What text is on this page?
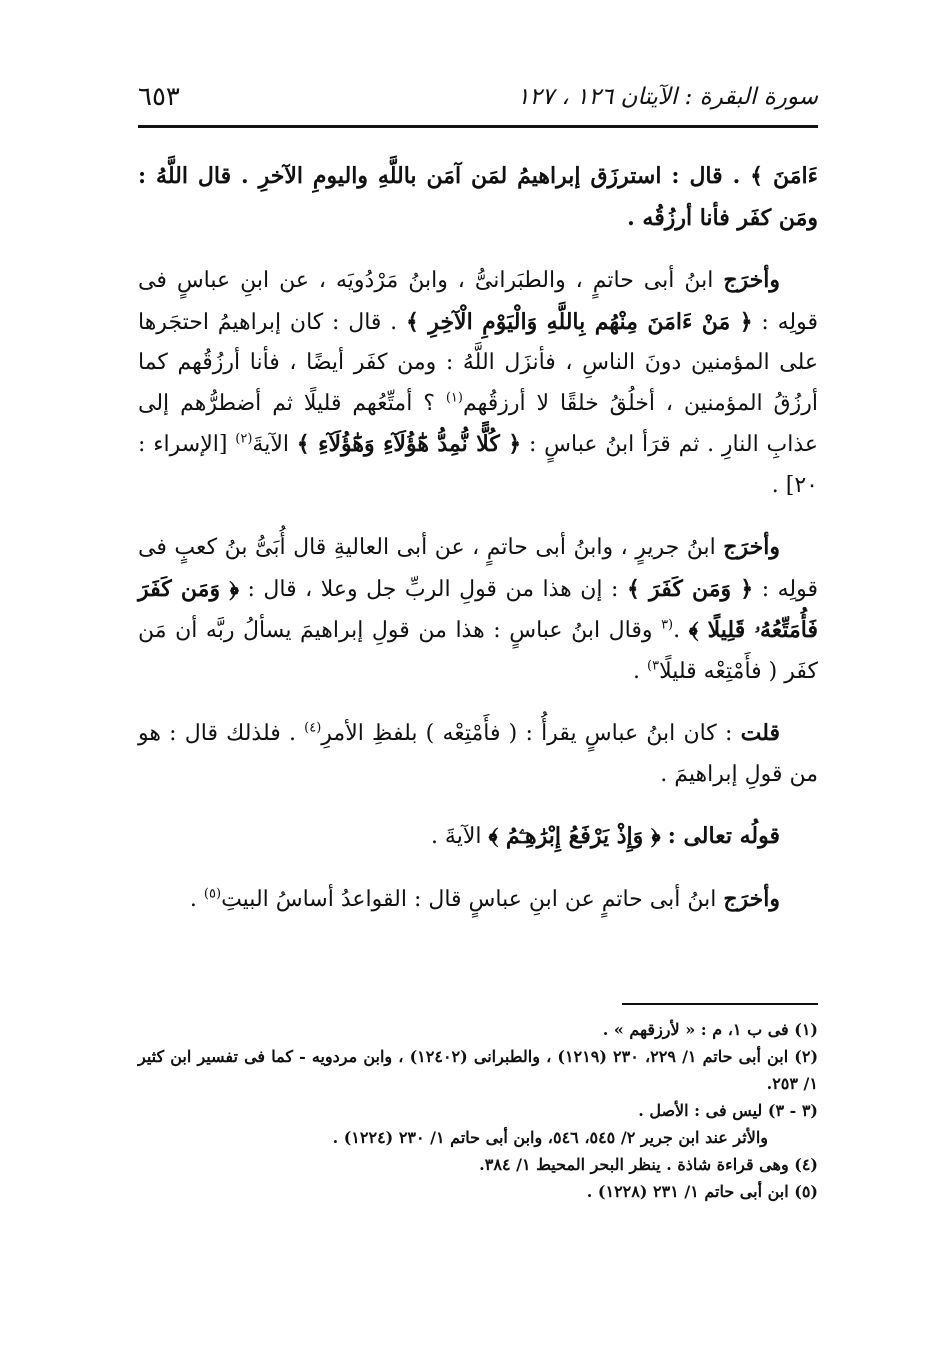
٦٥٣	سورة البقرة : الآيتان ١٢٦ ، ١٢٧

ءَامَنَ ﴾ . قال : استرزَق إبراهيمُ لمَن آمَن باللَّهِ واليومِ الآخرِ . قال اللَّهُ : ومَن كفَر فأنا أرزُقُه .

وأخرَج ابنُ أبى حاتمٍ ، والطبَرانىُّ ، وابنُ مَرْدُويَه ، عن ابنِ عباسٍ فى قولِه : ﴿ مَنْ ءَامَنَ مِنْهُم بِاللَّهِ وَالْيَوْمِ الْآخِرِ ﴾ . قال : كان إبراهيمُ احتجَرها على المؤمنين دونَ الناسِ ، فأنزَل اللَّهُ : ومن كفَر أيضًا ، فأنا أرزُقُهم كما أرزُقُ المؤمنين ، أخلُقُ خلقًا لا أرزقُهم$^{(١)}$ ؟ أمتِّعُهم قليلًا ثم أضطرُّهم إلى عذابِ النارِ . ثم قرَأ ابنُ عباسٍ : ﴿ كُلًّا نُّمِدُّ هَٰٓؤُلَآءِ وَهَٰٓؤُلَآءِ ﴾ الآيةَ$^{(٢)}$ [الإسراء : ٢٠] .

وأخرَج ابنُ جريرٍ ، وابنُ أبى حاتمٍ ، عن أبى العاليةِ قال أُبَىُّ بنُ كعبٍ فى قولِه : ﴿ وَمَن كَفَرَ ﴾ : إن هذا من قولِ الربِّ جل وعلا ، قال : ﴿ وَمَن كَفَرَ فَأُمَتِّعُهُۥ قَلِيلًا ﴾ .$^{(٣}$ وقال ابنُ عباسٍ : هذا من قولِ إبراهيمَ يسألُ ربَّه أن مَن كفَر ( فأَمْتِعْه قليلًا$^{٣)}$ .

قلت : كان ابنُ عباسٍ يقرأُ : ( فأَمْتِعْه ) بلفظِ الأمرِ$^{(٤)}$ . فلذلك قال : هو من قولِ إبراهيمَ .

قولُه تعالى : ﴿ وَإِذْ يَرْفَعُ إِبْرَٰهِـۧمُ ﴾ الآيةَ .

وأخرَج ابنُ أبى حاتمٍ عن ابنِ عباسٍ قال : القواعدُ أساسُ البيتِ$^{(٥)}$ .

(١) فى ب ١، م : « لأرزقهم » .
(٢) ابن أبى حاتم ١/ ٢٢٩، ٢٣٠ (١٢١٩) ، والطبرانى (١٢٤٠٢) ، وابن مردويه - كما فى تفسير ابن كثير ١/ ٢٥٣.
(٣ - ٣) ليس فى : الأصل .
والأثر عند ابن جرير ٢/ ٥٤٥، ٥٤٦، وابن أبى حاتم ١/ ٢٣٠ (١٢٢٤) .
(٤) وهى قراءة شاذة . ينظر البحر المحيط ١/ ٣٨٤.
(٥) ابن أبى حاتم ١/ ٢٣١ (١٢٢٨) .
